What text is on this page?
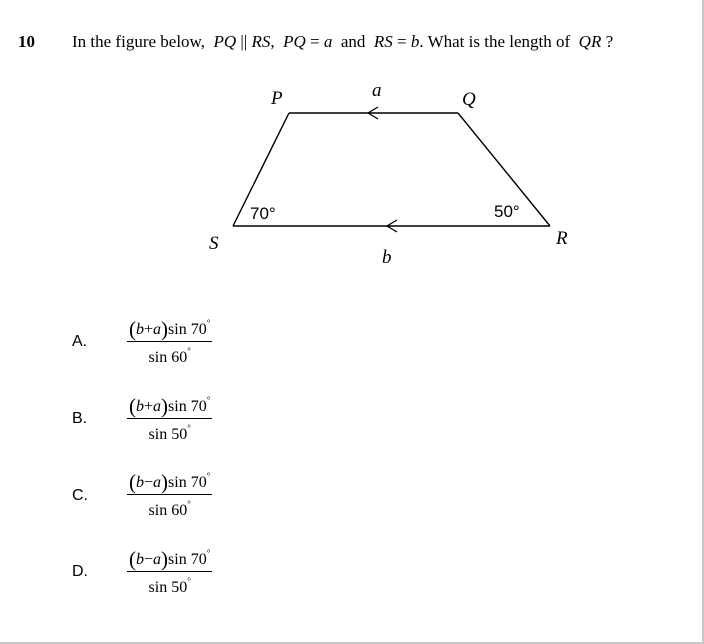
10 In the figure below, PQ || RS, PQ = a and RS = b. What is the length of QR ?
P	Q
R
S
a
b
70°	50°
A. $\frac{(b+a)\sin 70^\circ}{\sin 60^\circ}$
B. $\frac{(b+a)\sin 70^\circ}{\sin 50^\circ}$
C. $\frac{(b-a)\sin 70^\circ}{\sin 60^\circ}$
D. $\frac{(b-a)\sin 70^\circ}{\sin 50^\circ}$
